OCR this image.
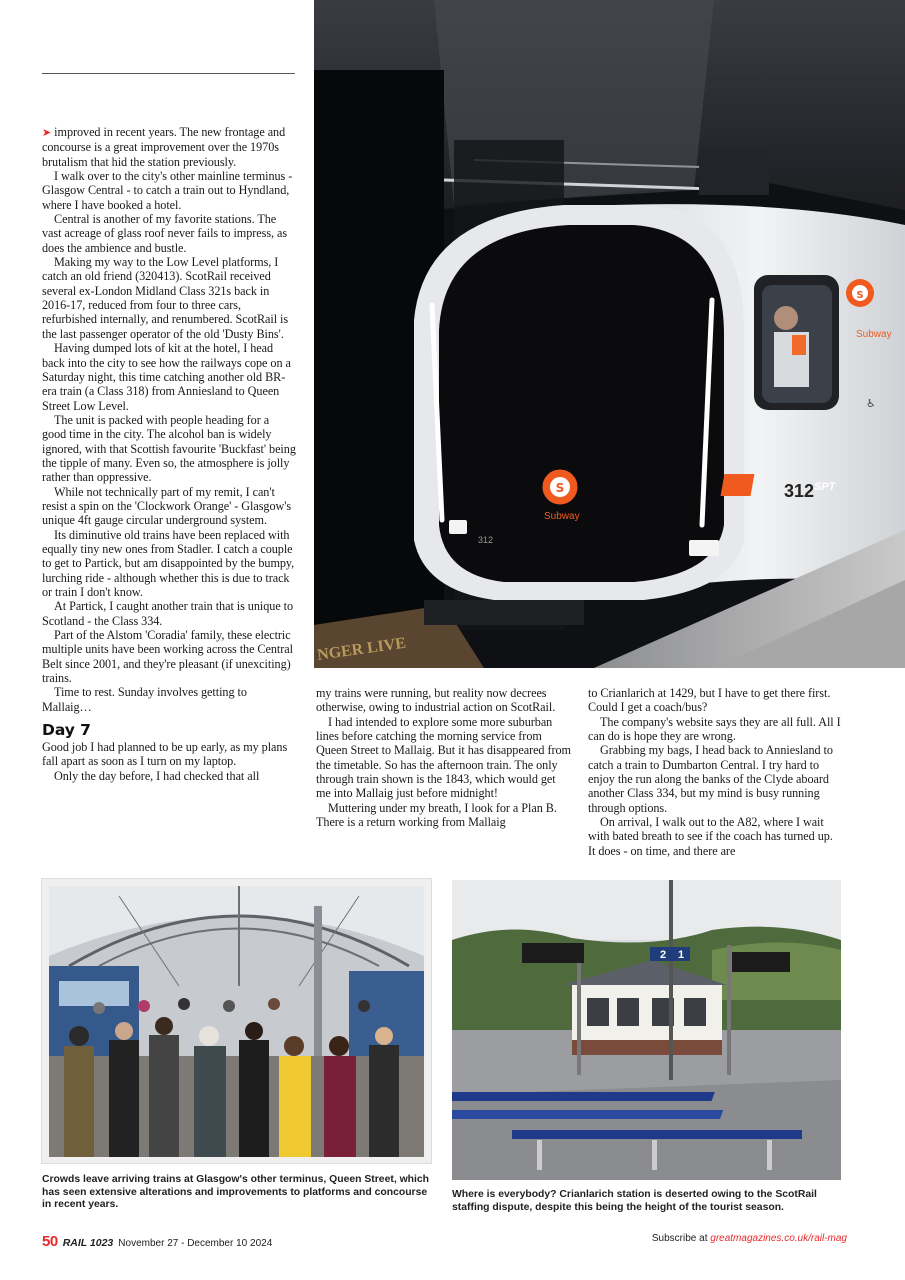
➤ improved in recent years. The new frontage and concourse is a great improvement over the 1970s brutalism that hid the station previously.

I walk over to the city's other mainline terminus - Glasgow Central - to catch a train out to Hyndland, where I have booked a hotel.

Central is another of my favorite stations. The vast acreage of glass roof never fails to impress, as does the ambience and bustle.

Making my way to the Low Level platforms, I catch an old friend (320413). ScotRail received several ex-London Midland Class 321s back in 2016-17, reduced from four to three cars, refurbished internally, and renumbered. ScotRail is the last passenger operator of the old 'Dusty Bins'.

Having dumped lots of kit at the hotel, I head back into the city to see how the railways cope on a Saturday night, this time catching another old BR-era train (a Class 318) from Anniesland to Queen Street Low Level.

The unit is packed with people heading for a good time in the city. The alcohol ban is widely ignored, with that Scottish favourite 'Buckfast' being the tipple of many. Even so, the atmosphere is jolly rather than oppressive.

While not technically part of my remit, I can't resist a spin on the 'Clockwork Orange' - Glasgow's unique 4ft gauge circular underground system.

Its diminutive old trains have been replaced with equally tiny new ones from Stadler. I catch a couple to get to Partick, but am disappointed by the bumpy, lurching ride - although whether this is due to track or train I don't know.

At Partick, I caught another train that is unique to Scotland - the Class 334.

Part of the Alstom 'Coradia' family, these electric multiple units have been working across the Central Belt since 2001, and they're pleasant (if unexciting) trains.

Time to rest. Sunday involves getting to Mallaig…

Day 7

Good job I had planned to be up early, as my plans fall apart as soon as I turn on my laptop.

Only the day before, I had checked that all

my trains were running, but reality now decrees otherwise, owing to industrial action on ScotRail.

I had intended to explore some more suburban lines before catching the morning service from Queen Street to Mallaig. But it has disappeared from the timetable. So has the afternoon train. The only through train shown is the 1843, which would get me into Mallaig just before midnight!

Muttering under my breath, I look for a Plan B. There is a return working from Mallaig

to Crianlarich at 1429, but I have to get there first. Could I get a coach/bus?

The company's website says they are all full. All I can do is hope they are wrong.

Grabbing my bags, I head back to Anniesland to catch a train to Dumbarton Central. I try hard to enjoy the run along the banks of the Clyde aboard another Class 334, but my mind is busy running through options.

On arrival, I walk out to the A82, where I wait with bated breath to see if the coach has turned up. It does - on time, and there are

S
S
Subway
Subway
312 SPT
312
♿
NGER LIVE
2 1
Crowds leave arriving trains at Glasgow's other terminus, Queen Street, which has seen extensive alterations and improvements to platforms and concourse in recent years.
Where is everybody? Crianlarich station is deserted owing to the ScotRail staffing dispute, despite this being the height of the tourist season.
50 RAIL 1023 November 27 - December 10 2024	Subscribe at greatmagazines.co.uk/rail-mag
